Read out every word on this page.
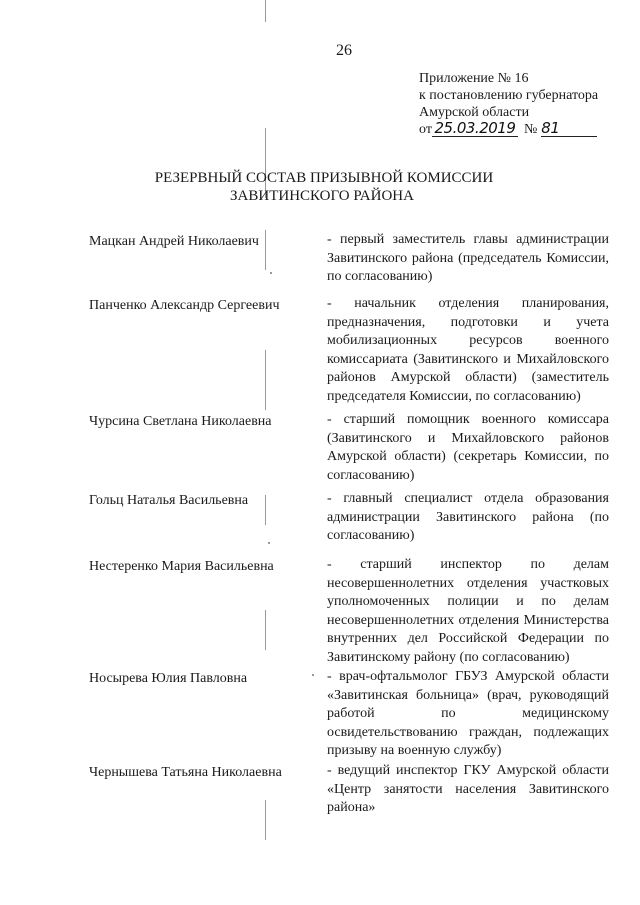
26
Приложение № 16
к постановлению губернатора
Амурской области
от 25.03.2019 № 81
РЕЗЕРВНЫЙ СОСТАВ ПРИЗЫВНОЙ КОМИССИИ
ЗАВИТИНСКОГО РАЙОНА
Мацкан Андрей Николаевич	- первый заместитель главы администрации Завитинского района (председатель Комиссии, по согласованию)
Панченко Александр Сергеевич	- начальник отделения планирования, предназначения, подготовки и учета мобилизационных ресурсов военного комиссариата (Завитинского и Михайловского районов Амурской области) (заместитель председателя Комиссии, по согласованию)
Чурсина Светлана Николаевна	- старший помощник военного комиссара (Завитинского и Михайловского районов Амурской области) (секретарь Комиссии, по согласованию)
Гольц Наталья Васильевна	- главный специалист отдела образования администрации Завитинского района (по согласованию)
Нестеренко Мария Васильевна	- старший инспектор по делам несовершеннолетних отделения участковых уполномоченных полиции и по делам несовершеннолетних отделения Министерства внутренних дел Российской Федерации по Завитинскому району (по согласованию)
Носырева Юлия Павловна	- врач-офтальмолог ГБУЗ Амурской области «Завитинская больница» (врач, руководящий работой по медицинскому освидетельствованию граждан, подлежащих призыву на военную службу)
Чернышева Татьяна Николаевна	- ведущий инспектор ГКУ Амурской области «Центр занятости населения Завитинского района»
